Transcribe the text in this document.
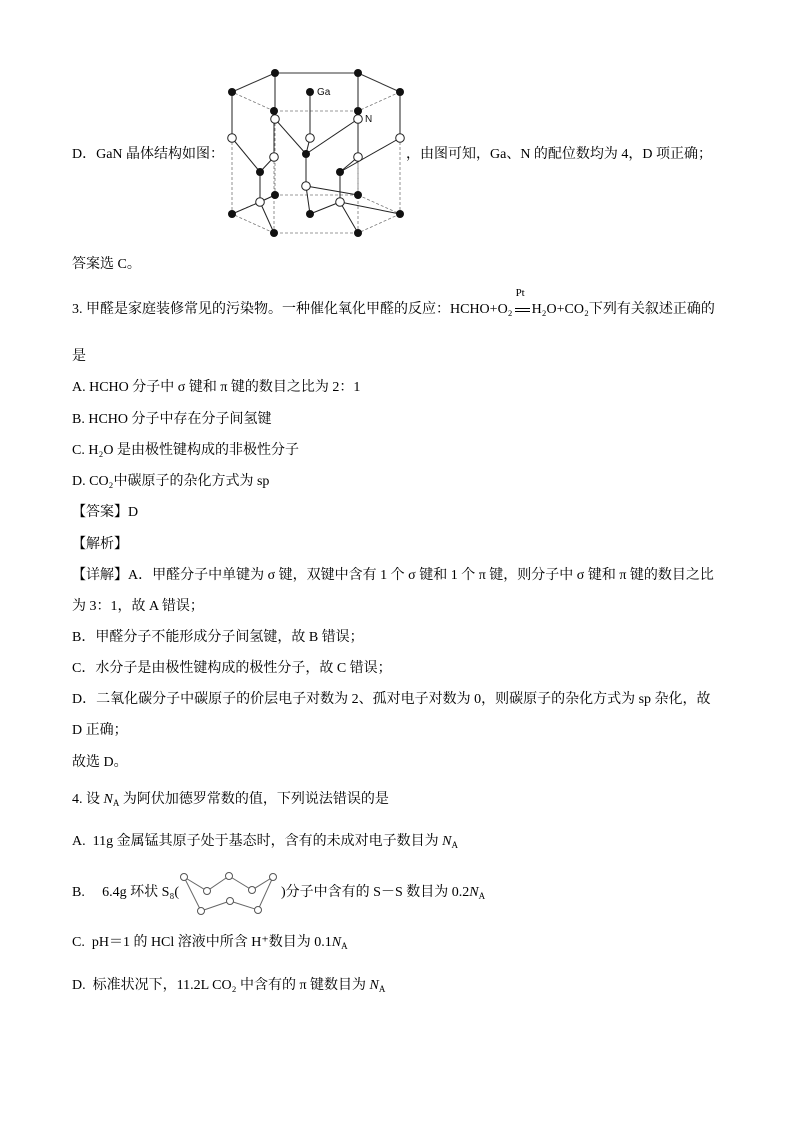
D．GaN 晶体结构如图：
Ga
N
，由图可知，Ga、N 的配位数均为 4，D 项正确；
答案选 C。
3. 甲醛是家庭装修常见的污染物。一种催化氧化甲醛的反应：HCHO+O₂
Pt
H₂O+CO₂下列有关叙述正确的
是
A. HCHO 分子中 σ 键和 π 键的数目之比为 2：1
B. HCHO 分子中存在分子间氢键
C. H₂O 是由极性键构成的非极性分子
D. CO₂中碳原子的杂化方式为 sp
【答案】D
【解析】
【详解】A．甲醛分子中单键为 σ 键，双键中含有 1 个 σ 键和 1 个 π 键，则分子中 σ 键和 π 键的数目之比
为 3：1，故 A 错误；
B．甲醛分子不能形成分子间氢键，故 B 错误；
C．水分子是由极性键构成的极性分子，故 C 错误；
D．二氧化碳分子中碳原子的价层电子对数为 2、孤对电子对数为 0，则碳原子的杂化方式为 sp 杂化，故
D 正确；
故选 D。
4. 设 $N_A$ 为阿伏加德罗常数的值，下列说法错误的是
A.  11g 金属锰其原子处于基态时，含有的未成对电子数目为 $N_A$
B. 6.4g 环状 S₈(	)分子中含有的 S－S 数目为 $0.2N_A$
C.  pH＝1 的 HCl 溶液中所含 H⁺数目为 $0.1N_A$
D.  标准状况下，11.2L CO₂ 中含有的 π 键数目为 $N_A$
